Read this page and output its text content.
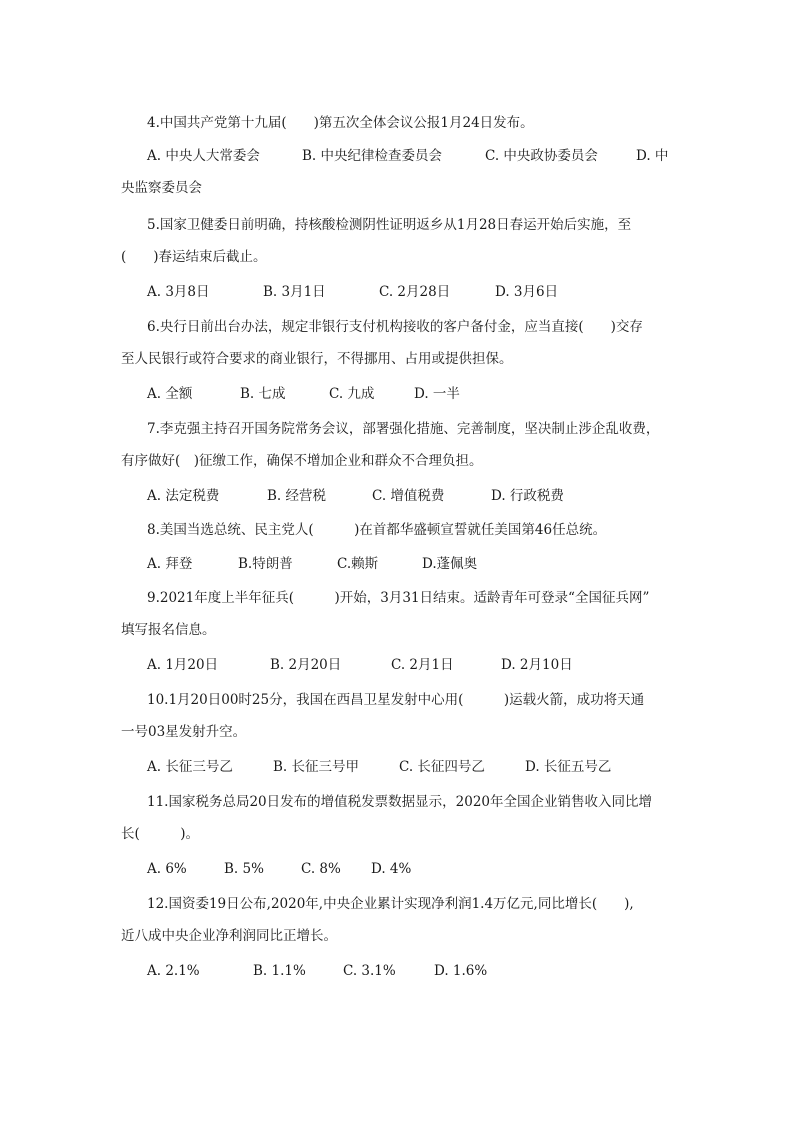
4.中国共产党第十九届(　　)第五次全体会议公报1月24日发布。
A. 中央人大常委会	B. 中央纪律检查委员会	C. 中央政协委员会	D. 中
央监察委员会
5.国家卫健委日前明确，持核酸检测阴性证明返乡从1月28日春运开始后实施，至
(　　)春运结束后截止。
A. 3月8日	B. 3月1日	C. 2月28日	D. 3月6日
6.央行日前出台办法，规定非银行支付机构接收的客户备付金，应当直接(　　)交存
至人民银行或符合要求的商业银行，不得挪用、占用或提供担保。
A. 全额	B. 七成	C. 九成	D. 一半
7.李克强主持召开国务院常务会议，部署强化措施、完善制度，坚决制止涉企乱收费，
有序做好(　)征缴工作，确保不增加企业和群众不合理负担。
A. 法定税费	B. 经营税	C. 增值税费	D. 行政税费
8.美国当选总统、民主党人(　　　)在首都华盛顿宣誓就任美国第46任总统。
A. 拜登	B.特朗普	C.赖斯	D.蓬佩奥
9.2021年度上半年征兵(　　　)开始，3月31日结束。适龄青年可登录“全国征兵网”
填写报名信息。
A. 1月20日	B. 2月20日	C. 2月1日	D. 2月10日
10.1月20日00时25分，我国在西昌卫星发射中心用(　　　)运载火箭，成功将天通
一号03星发射升空。
A. 长征三号乙	B. 长征三号甲	C. 长征四号乙	D. 长征五号乙
11.国家税务总局20日发布的增值税发票数据显示，2020年全国企业销售收入同比增
长(　　　)。
A. 6%	B. 5%	C. 8% D. 4%
12.国资委19日公布,2020年,中央企业累计实现净利润1.4万亿元,同比增长(　　),
近八成中央企业净利润同比正增长。
A. 2.1%	B. 1.1%	C. 3.1%	D. 1.6%
